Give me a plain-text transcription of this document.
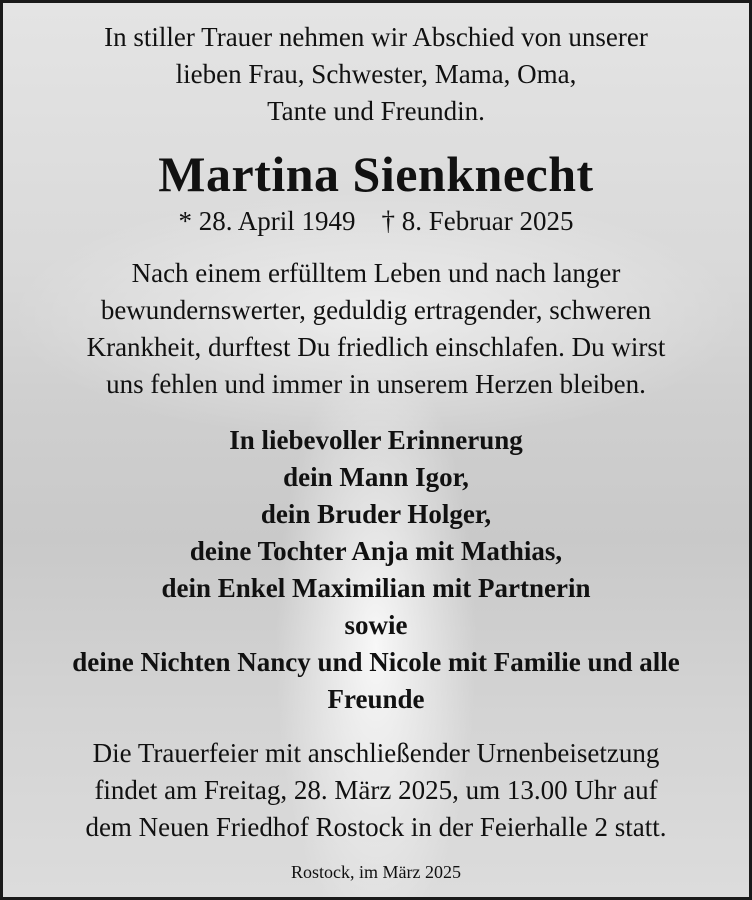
In stiller Trauer nehmen wir Abschied von unserer
lieben Frau, Schwester, Mama, Oma,
Tante und Freundin.
Martina Sienknecht
* 28. April 1949 † 8. Februar 2025
Nach einem erfülltem Leben und nach langer
bewundernswerter, geduldig ertragender, schweren
Krankheit, durftest Du friedlich einschlafen. Du wirst
uns fehlen und immer in unserem Herzen bleiben.
In liebevoller Erinnerung
dein Mann Igor,
dein Bruder Holger,
deine Tochter Anja mit Mathias,
dein Enkel Maximilian mit Partnerin
sowie
deine Nichten Nancy und Nicole mit Familie und alle
Freunde
Die Trauerfeier mit anschließender Urnenbeisetzung
findet am Freitag, 28. März 2025, um 13.00 Uhr auf
dem Neuen Friedhof Rostock in der Feierhalle 2 statt.
Rostock, im März 2025
